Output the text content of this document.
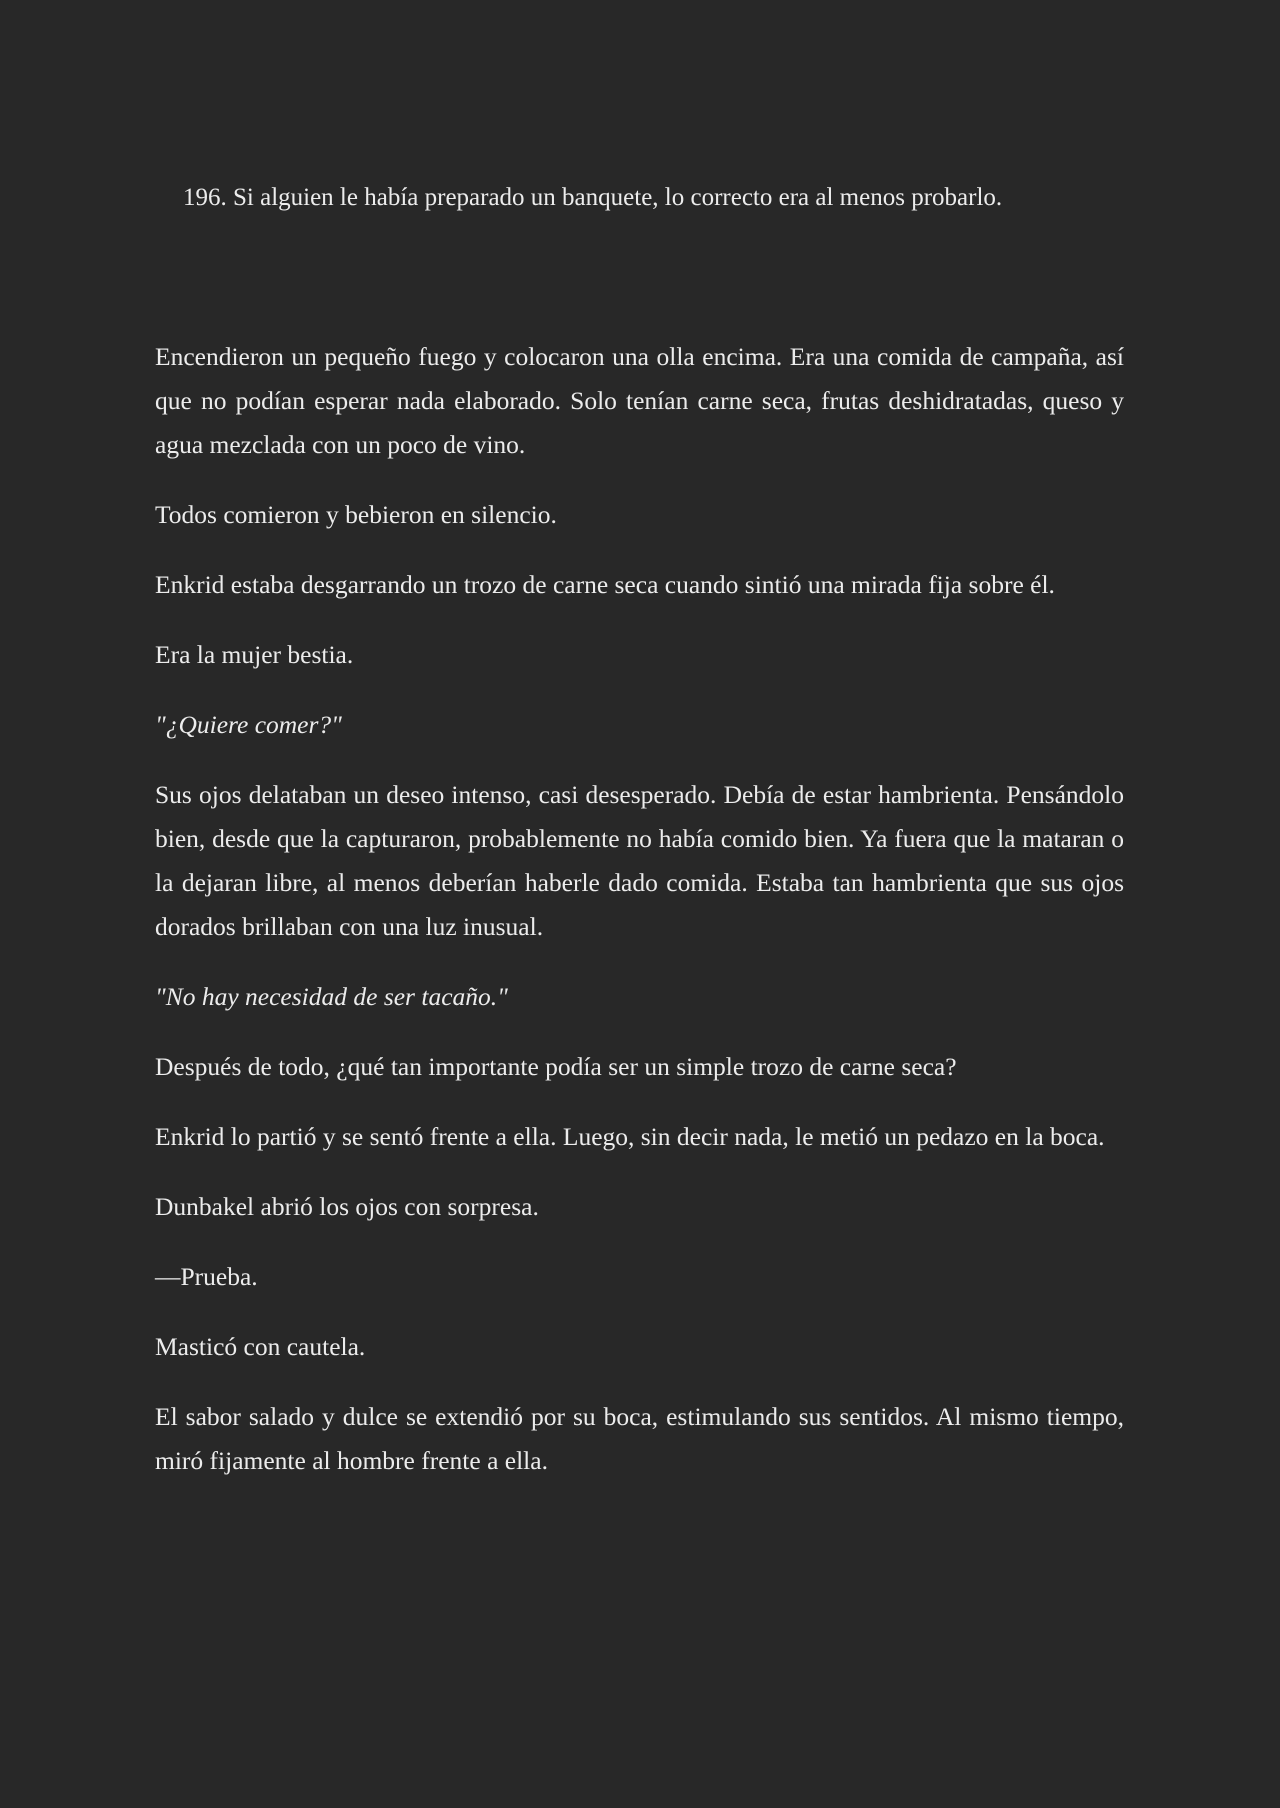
196. Si alguien le había preparado un banquete, lo correcto era al menos probarlo.

Encendieron un pequeño fuego y colocaron una olla encima. Era una comida de campaña, así que no podían esperar nada elaborado. Solo tenían carne seca, frutas deshidratadas, queso y agua mezclada con un poco de vino.

Todos comieron y bebieron en silencio.

Enkrid estaba desgarrando un trozo de carne seca cuando sintió una mirada fija sobre él.

Era la mujer bestia.

"¿Quiere comer?"

Sus ojos delataban un deseo intenso, casi desesperado. Debía de estar hambrienta. Pensándolo bien, desde que la capturaron, probablemente no había comido bien. Ya fuera que la mataran o la dejaran libre, al menos deberían haberle dado comida. Estaba tan hambrienta que sus ojos dorados brillaban con una luz inusual.

"No hay necesidad de ser tacaño."

Después de todo, ¿qué tan importante podía ser un simple trozo de carne seca?

Enkrid lo partió y se sentó frente a ella. Luego, sin decir nada, le metió un pedazo en la boca.

Dunbakel abrió los ojos con sorpresa.

—Prueba.

Masticó con cautela.

El sabor salado y dulce se extendió por su boca, estimulando sus sentidos. Al mismo tiempo, miró fijamente al hombre frente a ella.
